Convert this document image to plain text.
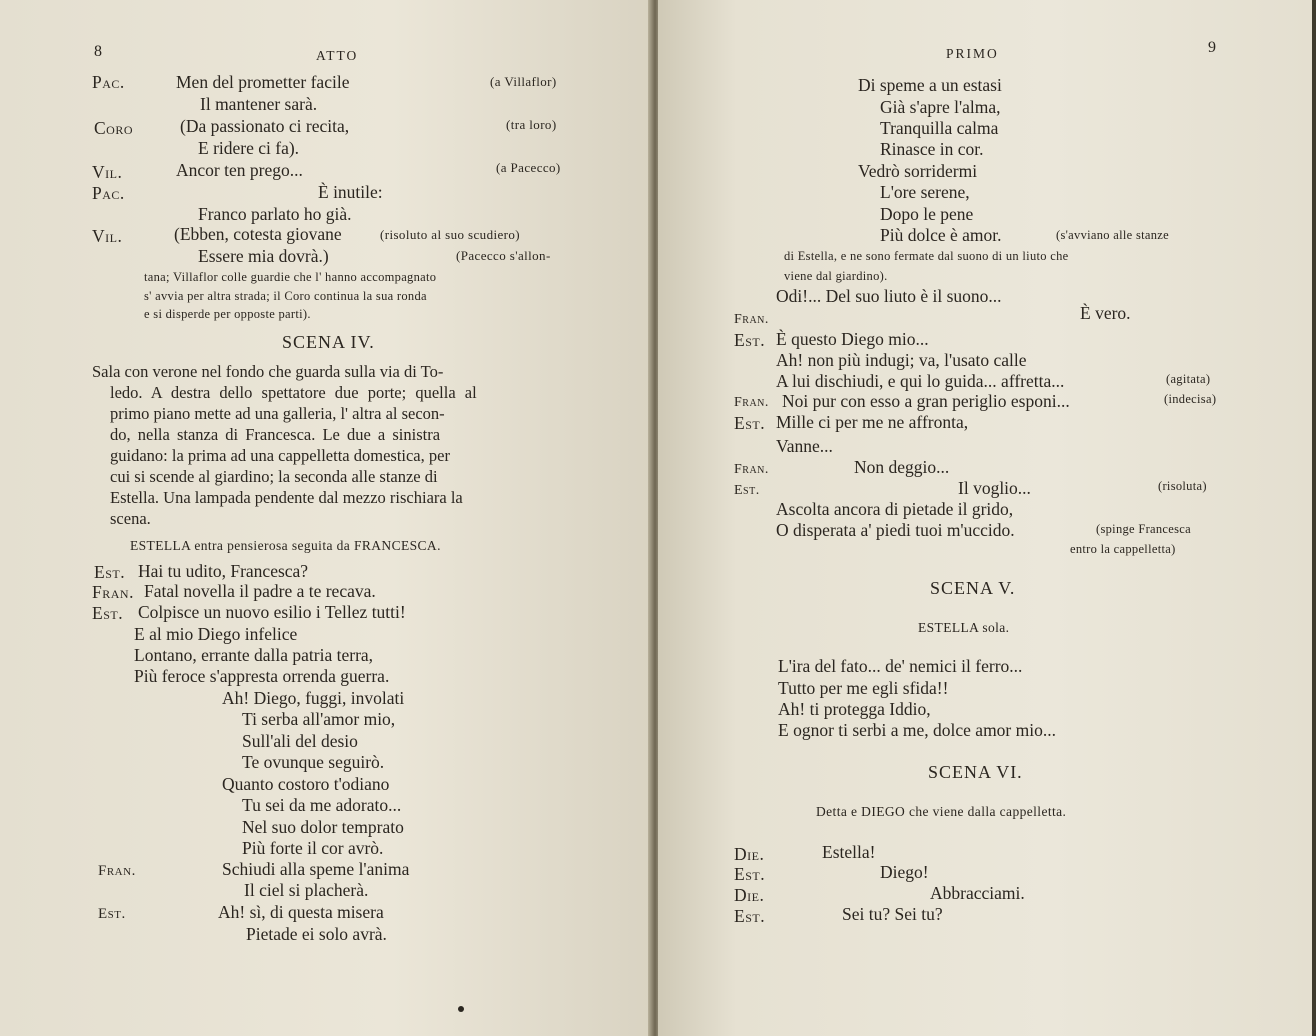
8	ATTO
Pac.	Men del prometter facile	(a Villaflor)
Il mantener sarà.
Coro	(Da passionato ci recita,	(tra loro)
E ridere ci fa).
Vil.	Ancor ten prego...	(a Pacecco)
Pac.	È inutile:
Franco parlato ho già.
Vil.	(Ebben, cotesta giovane	(risoluto al suo scudiero)
Essere mia dovrà.)	(Pacecco s'allon-
tana; Villaflor colle guardie che l' hanno accompagnato
s' avvia per altra strada; il Coro continua la sua ronda
e si disperde per opposte parti).
SCENA IV.
Sala con verone nel fondo che guarda sulla via di To-
ledo. A destra dello spettatore due porte; quella al
primo piano mette ad una galleria, l' altra al secon-
do, nella stanza di Francesca. Le due a sinistra
guidano: la prima ad una cappelletta domestica, per
cui si scende al giardino; la seconda alle stanze di
Estella. Una lampada pendente dal mezzo rischiara la
scena.
ESTELLA entra pensierosa seguita da FRANCESCA.
Est. Hai tu udito, Francesca?
Fran. Fatal novella il padre a te recava.
Est. Colpisce un nuovo esilio i Tellez tutti!
E al mio Diego infelice
Lontano, errante dalla patria terra,
Più feroce s'appresta orrenda guerra.
Ah! Diego, fuggi, involati
Ti serba all'amor mio,
Sull'ali del desio
Te ovunque seguirò.
Quanto costoro t'odiano
Tu sei da me adorato...
Nel suo dolor temprato
Più forte il cor avrò.
Fran.	Schiudi alla speme l'anima
Il ciel si placherà.
Est.	Ah! sì, di questa misera
Pietade ei solo avrà.
PRIMO	9
Di speme a un estasi
Già s'apre l'alma,
Tranquilla calma
Rinasce in cor.
Vedrò sorridermi
L'ore serene,
Dopo le pene
Più dolce è amor.	(s'avviano alle stanze
di Estella, e ne sono fermate dal suono di un liuto che
viene dal giardino).
Odi!... Del suo liuto è il suono...
Fran.	È vero.
Est. È questo Diego mio...
Ah! non più indugi; va, l'usato calle
A lui dischiudi, e qui lo guida... affretta...	(agitata)
Fran. Noi pur con esso a gran periglio esponi...	(indecisa)
Est. Mille ci per me ne affronta,
Vanne...
Fran.	Non deggio...
Est.	Il voglio...	(risoluta)
Ascolta ancora di pietade il grido,
O disperata a' piedi tuoi m'uccido.	(spinge Francesca
entro la cappelletta)
SCENA V.
ESTELLA sola.
L'ira del fato... de' nemici il ferro...
Tutto per me egli sfida!!
Ah! ti protegga Iddio,
E ognor ti serbi a me, dolce amor mio...
SCENA VI.
Detta e DIEGO che viene dalla cappelletta.
Die.	Estella!
Est.	Diego!
Die.	Abbracciami.
Est.	Sei tu? Sei tu?
